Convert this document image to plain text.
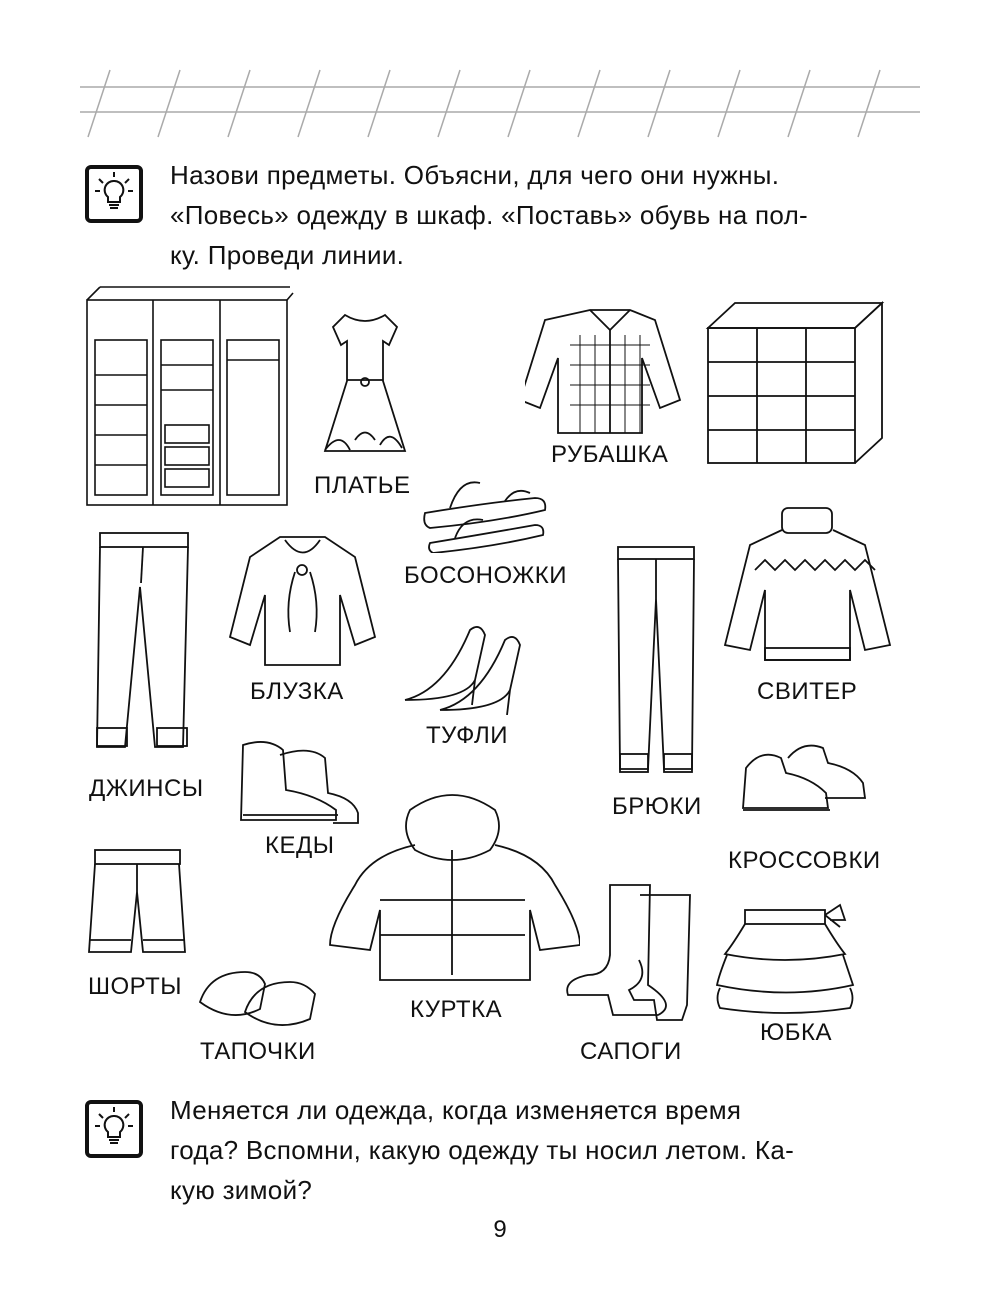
Назови предметы. Объясни, для чего они нужны.
«Повесь» одежду в шкаф. «Поставь» обувь на пол-
ку. Проведи линии.
ПЛАТЬЕ
РУБАШКА
БОСОНОЖКИ
ДЖИНСЫ
БЛУЗКА
ТУФЛИ
БРЮКИ
СВИТЕР
КЕДЫ
КРОССОВКИ
КУРТКА
ШОРТЫ
ТАПОЧКИ	САПОГИ
ЮБКА
Меняется ли одежда, когда изменяется время
года? Вспомни, какую одежду ты носил летом. Ка-
кую зимой?
9
